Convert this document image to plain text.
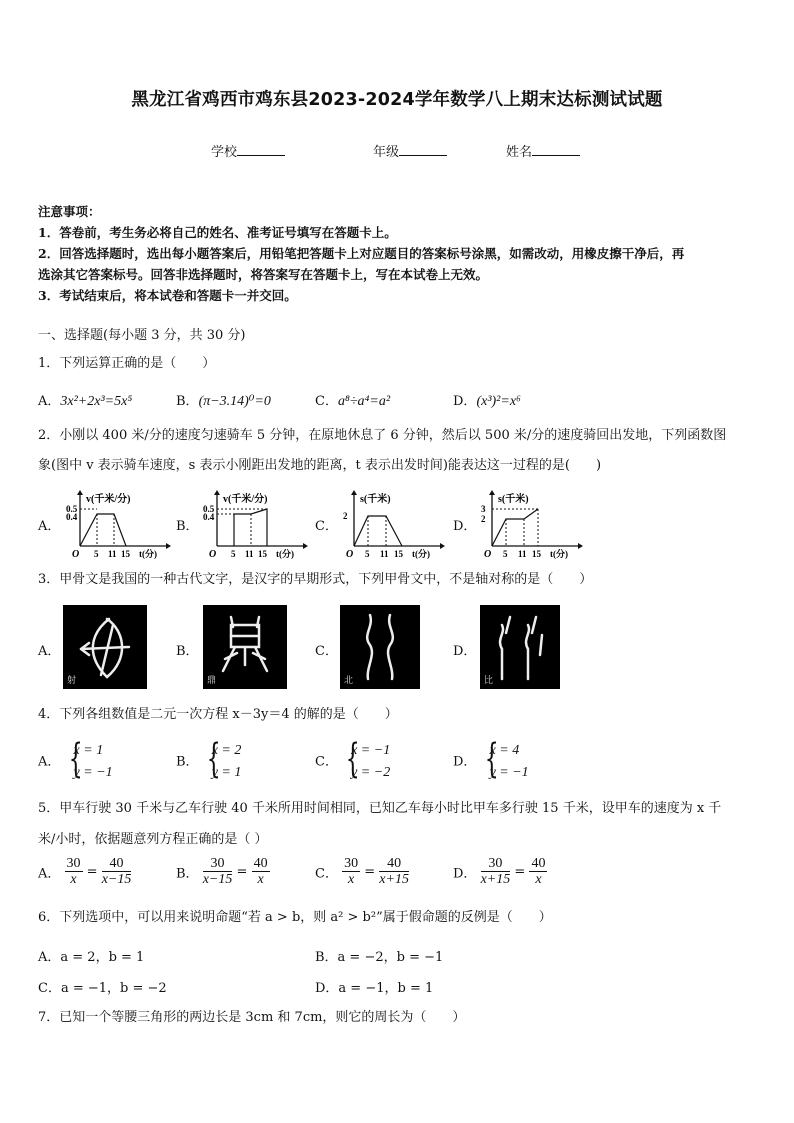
黑龙江省鸡西市鸡东县2023-2024学年数学八上期末达标测试试题
学校	年级	姓名
注意事项：
1．答卷前，考生务必将自己的姓名、准考证号填写在答题卡上。
2．回答选择题时，选出每小题答案后，用铅笔把答题卡上对应题目的答案标号涂黑，如需改动，用橡皮擦干净后，再
选涂其它答案标号。回答非选择题时，将答案写在答题卡上，写在本试卷上无效。
3．考试结束后，将本试卷和答题卡一并交回。
一、选择题(每小题 3 分，共 30 分)
1．下列运算正确的是（　　）
A．3x²+2x³=5x⁵	B．(π−3.14)⁰=0	C．a⁸÷a⁴=a²	D．(x³)²=x⁶
2．小刚以 400 米/分的速度匀速骑车 5 分钟，在原地休息了 6 分钟，然后以 500 米/分的速度骑回出发地，下列函数图
象(图中 v 表示骑车速度，s 表示小刚距出发地的距离，t 表示出发时间)能表达这一过程的是(　　)
A．	B．	C．	D．
v(千米/分)
0.5
0.4
O 5 11 15 t(分)
v(千米/分)
0.5
0.4
O 5 11 15 t(分)
s(千米)
2
O 5 11 15 t(分)
s(千米)
3
2
O 5 11 15 t(分)
3．甲骨文是我国的一种古代文字，是汉字的早期形式，下列甲骨文中，不是轴对称的是（　　）
A．	B．	C．	D．
射	鼎	北	比
4．下列各组数值是二元一次方程 x－3y＝4 的解的是（　　）
A． {
x = 1
y = −1
B． {
x = 2
y = 1
C． {
x = −1
y = −2
D． {
x = 4
y = −1
5．甲车行驶 30 千米与乙车行驶 40 千米所用时间相同，已知乙车每小时比甲车多行驶 15 千米，设甲车的速度为 x 千
米/小时，依据题意列方程正确的是（ ）
A． $\frac{30}{x} = \frac{40}{x-15}$	B． $\frac{30}{x-15} = \frac{40}{x}$	C． $\frac{30}{x} = \frac{40}{x+15}$	D． $\frac{30}{x+15} = \frac{40}{x}$
6．下列选项中，可以用来说明命题“若 a > b，则 a² > b²”属于假命题的反例是（　　）
A．a = 2，b = 1	B．a = −2，b = −1
C．a = −1，b = −2	D．a = −1，b = 1
7．已知一个等腰三角形的两边长是 3cm 和 7cm，则它的周长为（　　）
